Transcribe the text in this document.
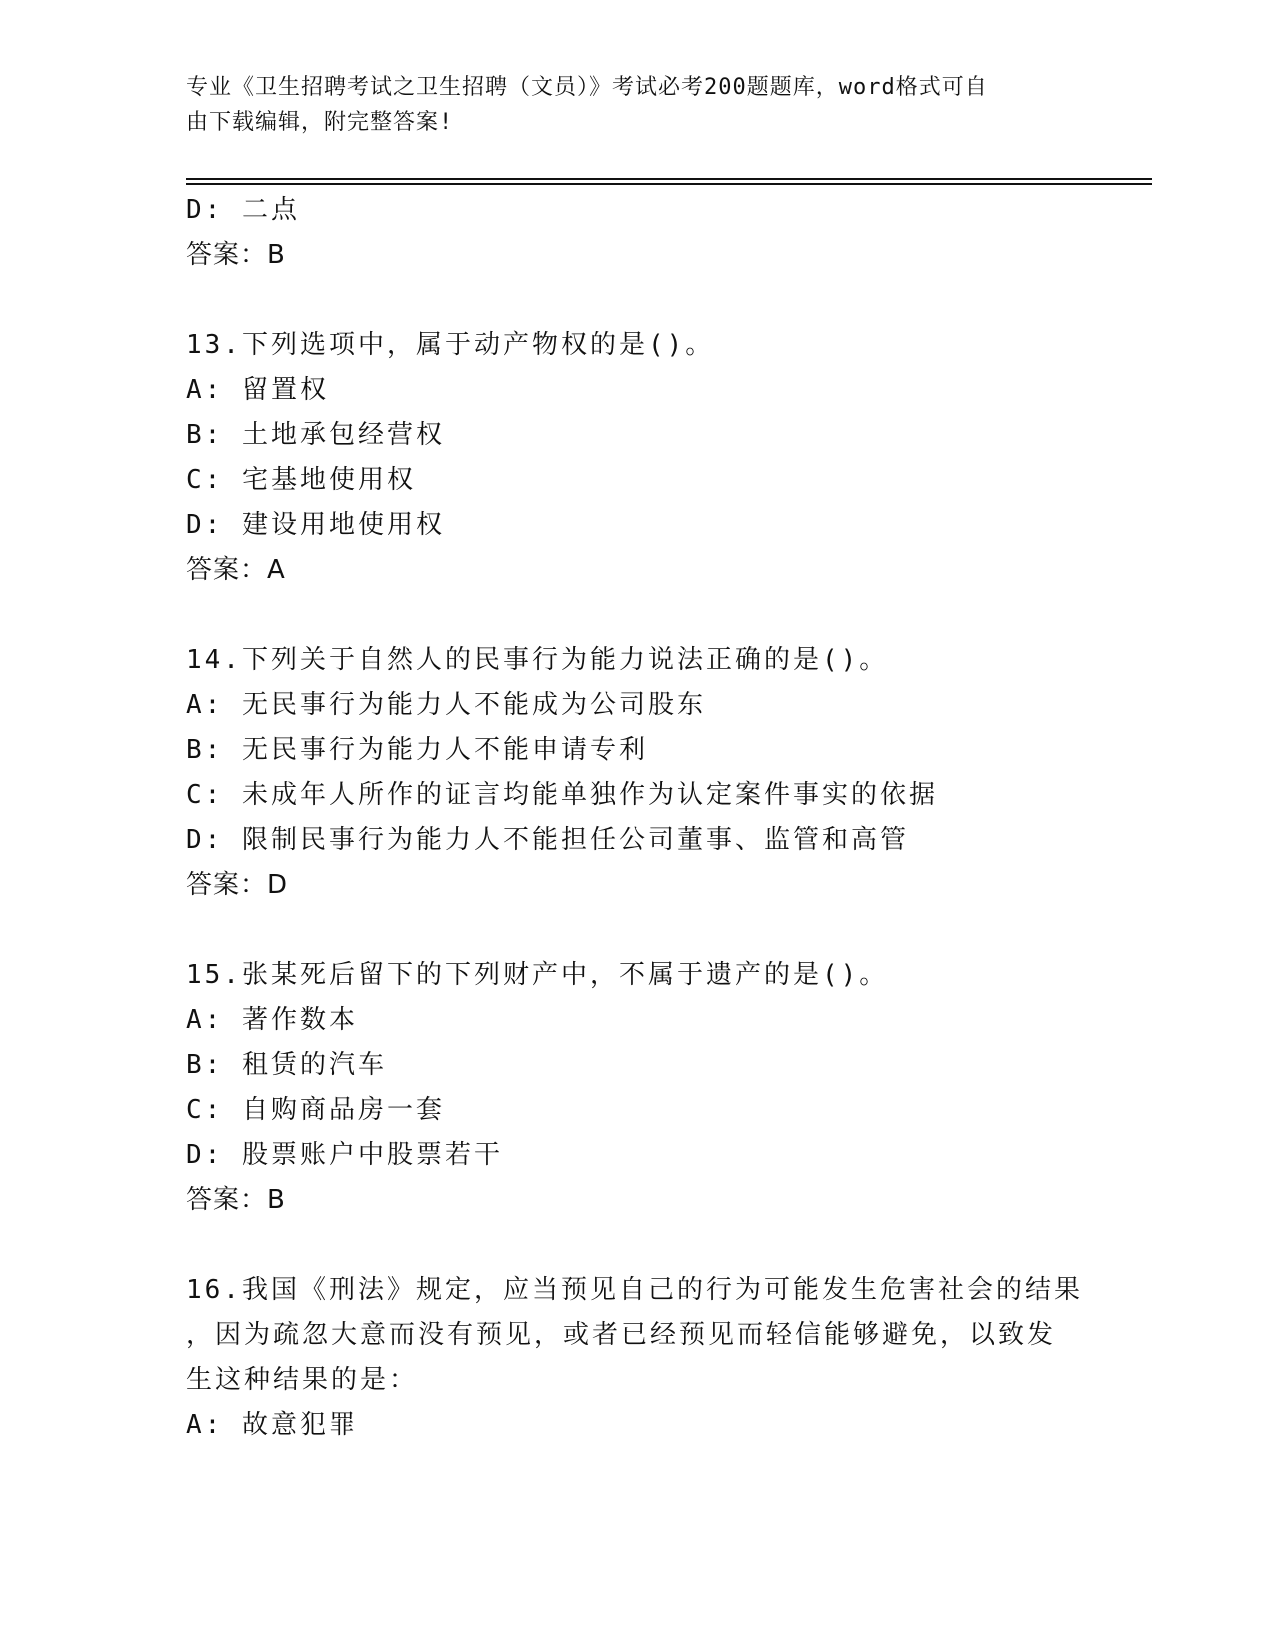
专业《卫生招聘考试之卫生招聘（文员）》考试必考200题题库，word格式可自
由下载编辑，附完整答案!
D: 二点
答案：B
13.下列选项中，属于动产物权的是()。
A: 留置权
B: 土地承包经营权
C: 宅基地使用权
D: 建设用地使用权
答案：A
14.下列关于自然人的民事行为能力说法正确的是()。
A: 无民事行为能力人不能成为公司股东
B: 无民事行为能力人不能申请专利
C: 未成年人所作的证言均能单独作为认定案件事实的依据
D: 限制民事行为能力人不能担任公司董事、监管和高管
答案：D
15.张某死后留下的下列财产中，不属于遗产的是()。
A: 著作数本
B: 租赁的汽车
C: 自购商品房一套
D: 股票账户中股票若干
答案：B
16.我国《刑法》规定，应当预见自己的行为可能发生危害社会的结果
，因为疏忽大意而没有预见，或者已经预见而轻信能够避免，以致发
生这种结果的是：
A: 故意犯罪
